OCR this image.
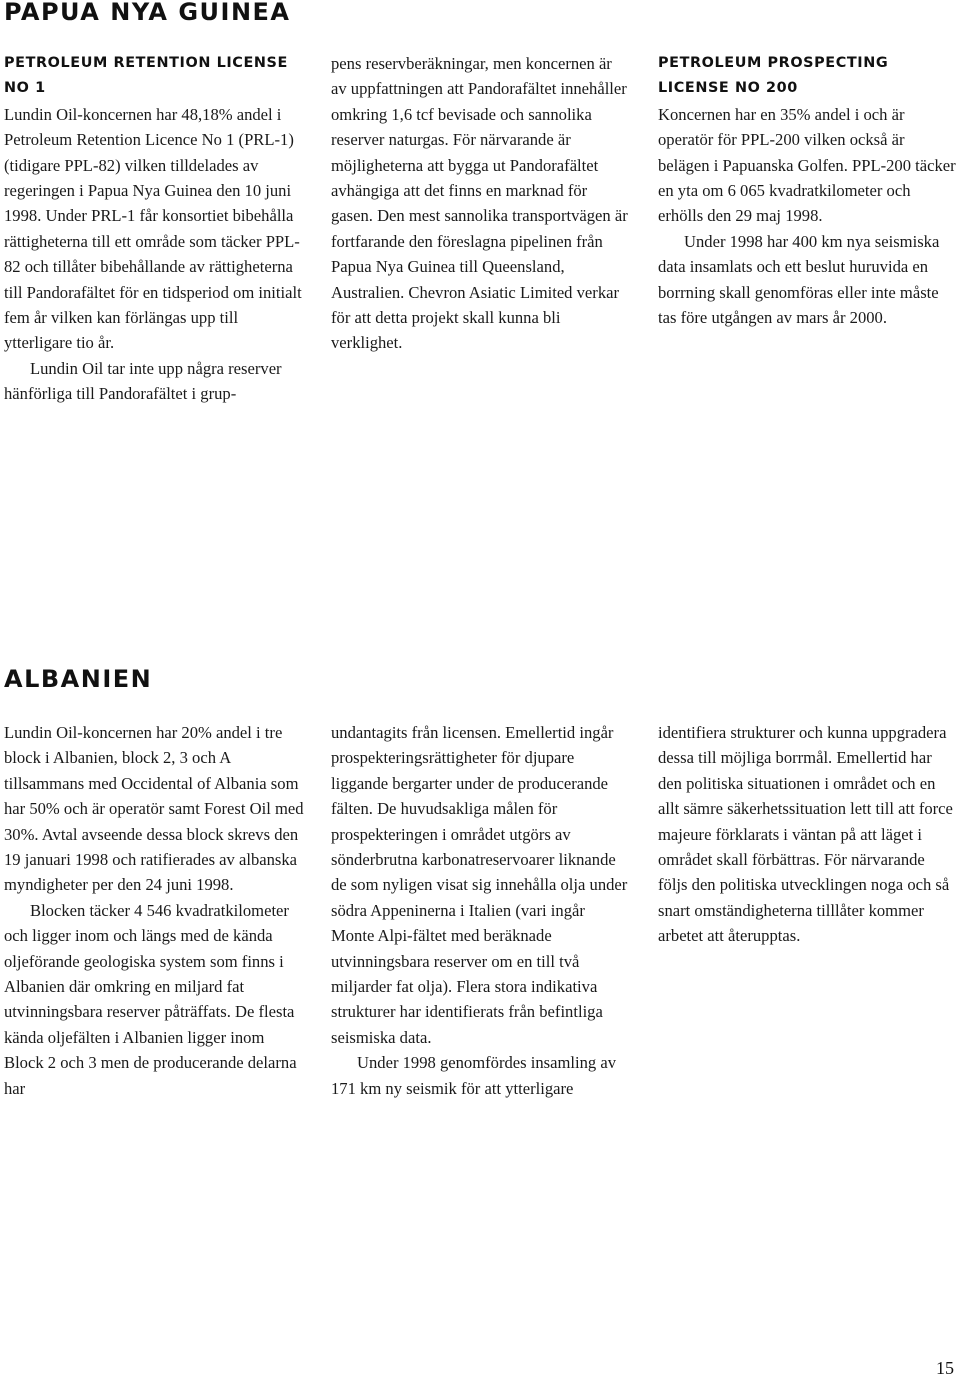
PAPUA NYA GUINEA
PETROLEUM RETENTION LICENSE NO 1

Lundin Oil-koncernen har 48,18% andel i Petroleum Retention Licence No 1 (PRL-1) (tidigare PPL-82) vilken tilldelades av regeringen i Papua Nya Guinea den 10 juni 1998. Under PRL-1 får konsortiet bibehålla rättigheterna till ett område som täcker PPL-82 och tillåter bibehållande av rättigheterna till Pandorafältet för en tidsperiod om initialt fem år vilken kan förlängas upp till ytterligare tio år.

Lundin Oil tar inte upp några reserver hänförliga till Pandorafältet i grup-

pens reservberäkningar, men koncernen är av uppfattningen att Pandorafältet innehåller omkring 1,6 tcf bevisade och sannolika reserver naturgas. För närvarande är möjligheterna att bygga ut Pandorafältet avhängiga att det finns en marknad för gasen. Den mest sannolika transportvägen är fortfarande den föreslagna pipelinen från Papua Nya Guinea till Queensland, Australien. Chevron Asiatic Limited verkar för att detta projekt skall kunna bli verklighet.

PETROLEUM PROSPECTING LICENSE NO 200

Koncernen har en 35% andel i och är operatör för PPL-200 vilken också är belägen i Papuanska Golfen. PPL-200 täcker en yta om 6 065 kvadratkilometer och erhölls den 29 maj 1998.

Under 1998 har 400 km nya seismiska data insamlats och ett beslut huruvida en borrning skall genomföras eller inte måste tas före utgången av mars år 2000.

ALBANIEN

Lundin Oil-koncernen har 20% andel i tre block i Albanien, block 2, 3 och A tillsammans med Occidental of Albania som har 50% och är operatör samt Forest Oil med 30%. Avtal avseende dessa block skrevs den 19 januari 1998 och ratifierades av albanska myndigheter per den 24 juni 1998.

Blocken täcker 4 546 kvadratkilometer och ligger inom och längs med de kända oljeförande geologiska system som finns i Albanien där omkring en miljard fat utvinningsbara reserver påträffats. De flesta kända oljefälten i Albanien ligger inom Block 2 och 3 men de producerande delarna har

undantagits från licensen. Emellertid ingår prospekteringsrättigheter för djupare liggande bergarter under de producerande fälten. De huvudsakliga målen för prospekteringen i området utgörs av sönderbrutna karbonatreservoarer liknande de som nyligen visat sig innehålla olja under södra Appeninerna i Italien (vari ingår Monte Alpi-fältet med beräknade utvinningsbara reserver om en till två miljarder fat olja). Flera stora indikativa strukturer har identifierats från befintliga seismiska data.

Under 1998 genomfördes insamling av 171 km ny seismik för att ytterligare

identifiera strukturer och kunna uppgradera dessa till möjliga borrmål. Emellertid har den politiska situationen i området och en allt sämre säkerhetssituation lett till att force majeure förklarats i väntan på att läget i området skall förbättras. För närvarande följs den politiska utvecklingen noga och så snart omständigheterna tilllåter kommer arbetet att återupptas.

15
